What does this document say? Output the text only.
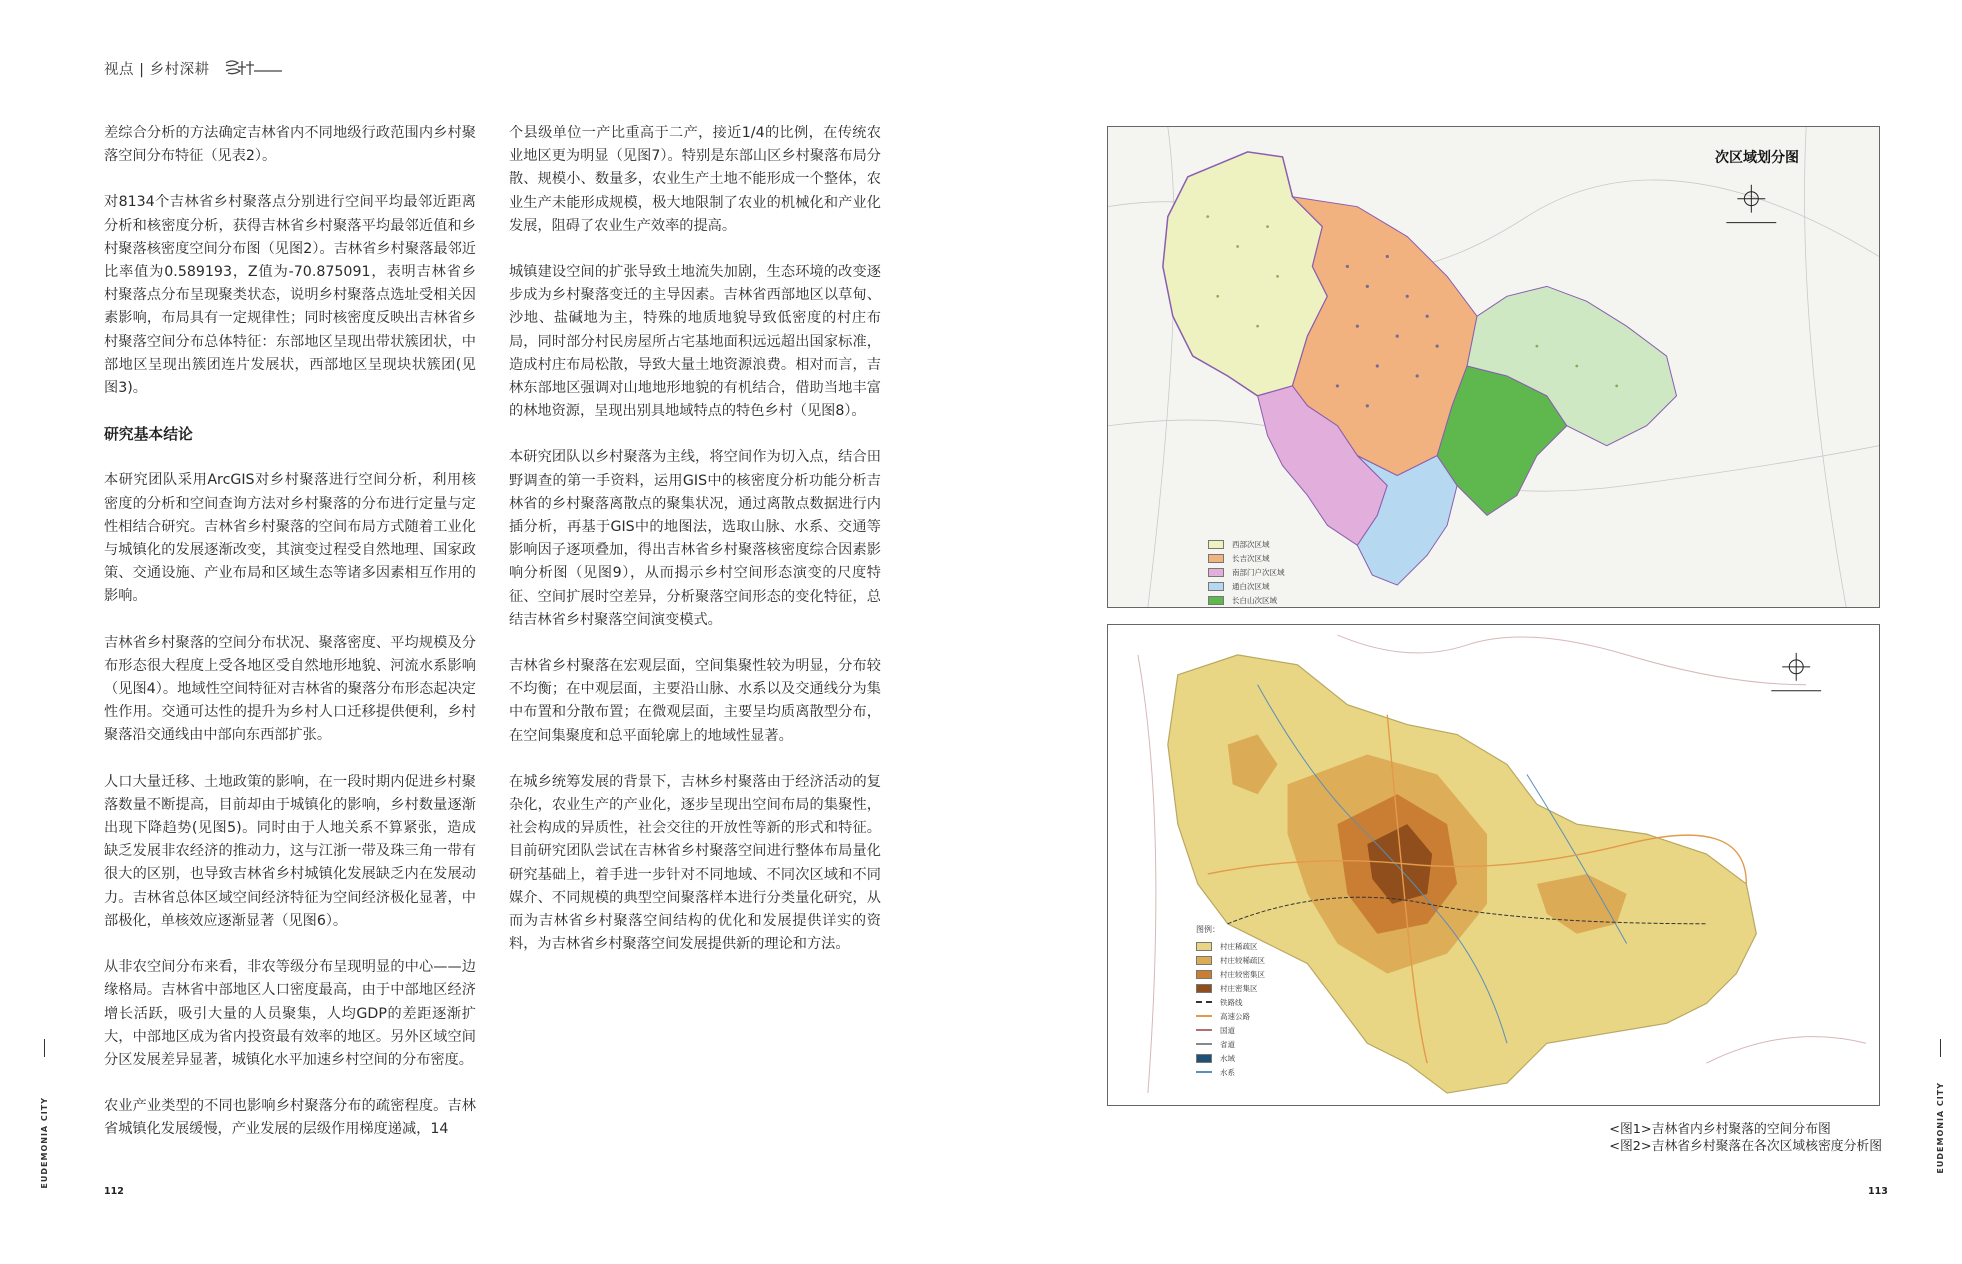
视点 | 乡村深耕

差综合分析的方法确定吉林省内不同地级行政范围内乡村聚落空间分布特征（见表2）。

对8134个吉林省乡村聚落点分别进行空间平均最邻近距离分析和核密度分析，获得吉林省乡村聚落平均最邻近值和乡村聚落核密度空间分布图（见图2）。吉林省乡村聚落最邻近比率值为0.589193，Z值为-70.875091，表明吉林省乡村聚落点分布呈现聚类状态，说明乡村聚落点选址受相关因素影响，布局具有一定规律性；同时核密度反映出吉林省乡村聚落空间分布总体特征：东部地区呈现出带状簇团状，中部地区呈现出簇团连片发展状，西部地区呈现块状簇团(见图3)。

研究基本结论

本研究团队采用ArcGIS对乡村聚落进行空间分析，利用核密度的分析和空间查询方法对乡村聚落的分布进行定量与定性相结合研究。吉林省乡村聚落的空间布局方式随着工业化与城镇化的发展逐渐改变，其演变过程受自然地理、国家政策、交通设施、产业布局和区域生态等诸多因素相互作用的影响。

吉林省乡村聚落的空间分布状况、聚落密度、平均规模及分布形态很大程度上受各地区受自然地形地貌、河流水系影响（见图4）。地域性空间特征对吉林省的聚落分布形态起决定性作用。交通可达性的提升为乡村人口迁移提供便利，乡村聚落沿交通线由中部向东西部扩张。

人口大量迁移、土地政策的影响，在一段时期内促进乡村聚落数量不断提高，目前却由于城镇化的影响，乡村数量逐渐出现下降趋势(见图5)。同时由于人地关系不算紧张，造成缺乏发展非农经济的推动力，这与江浙一带及珠三角一带有很大的区别，也导致吉林省乡村城镇化发展缺乏内在发展动力。吉林省总体区域空间经济特征为空间经济极化显著，中部极化，单核效应逐渐显著（见图6）。

从非农空间分布来看，非农等级分布呈现明显的中心——边缘格局。吉林省中部地区人口密度最高，由于中部地区经济增长活跃，吸引大量的人员聚集，人均GDP的差距逐渐扩大，中部地区成为省内投资最有效率的地区。另外区域空间分区发展差异显著，城镇化水平加速乡村空间的分布密度。

农业产业类型的不同也影响乡村聚落分布的疏密程度。吉林省城镇化发展缓慢，产业发展的层级作用梯度递减，14

个县级单位一产比重高于二产，接近1/4的比例，在传统农业地区更为明显（见图7）。特别是东部山区乡村聚落布局分散、规模小、数量多，农业生产土地不能形成一个整体，农业生产未能形成规模，极大地限制了农业的机械化和产业化发展，阻碍了农业生产效率的提高。

城镇建设空间的扩张导致土地流失加剧，生态环境的改变逐步成为乡村聚落变迁的主导因素。吉林省西部地区以草甸、沙地、盐碱地为主，特殊的地质地貌导致低密度的村庄布局，同时部分村民房屋所占宅基地面积远远超出国家标准，造成村庄布局松散，导致大量土地资源浪费。相对而言，吉林东部地区强调对山地地形地貌的有机结合，借助当地丰富的林地资源，呈现出别具地域特点的特色乡村（见图8）。

本研究团队以乡村聚落为主线，将空间作为切入点，结合田野调查的第一手资料，运用GIS中的核密度分析功能分析吉林省的乡村聚落离散点的聚集状况，通过离散点数据进行内插分析，再基于GIS中的地图法，选取山脉、水系、交通等影响因子逐项叠加，得出吉林省乡村聚落核密度综合因素影响分析图（见图9），从而揭示乡村空间形态演变的尺度特征、空间扩展时空差异，分析聚落空间形态的变化特征，总结吉林省乡村聚落空间演变模式。

吉林省乡村聚落在宏观层面，空间集聚性较为明显，分布较不均衡；在中观层面，主要沿山脉、水系以及交通线分为集中布置和分散布置；在微观层面，主要呈均质离散型分布，在空间集聚度和总平面轮廓上的地域性显著。

在城乡统筹发展的背景下，吉林乡村聚落由于经济活动的复杂化，农业生产的产业化，逐步呈现出空间布局的集聚性，社会构成的异质性，社会交往的开放性等新的形式和特征。目前研究团队尝试在吉林省乡村聚落空间进行整体布局量化研究基础上，着手进一步针对不同地域、不同次区域和不同媒介、不同规模的典型空间聚落样本进行分类量化研究，从而为吉林省乡村聚落空间结构的优化和发展提供详实的资料，为吉林省乡村聚落空间发展提供新的理论和方法。

次区域划分图
西部次区域
长吉次区域
南部门户次区域
通白次区域
长白山次区域
图例：
村庄稀疏区
村庄较稀疏区
村庄较密集区
村庄密集区
铁路线
高速公路
国道
省道
水域
水系
<图1>吉林省内乡村聚落的空间分布图
<图2>吉林省乡村聚落在各次区域核密度分析图
EUDEMONIA CITY	EUDEMONIA CITY
112	113
